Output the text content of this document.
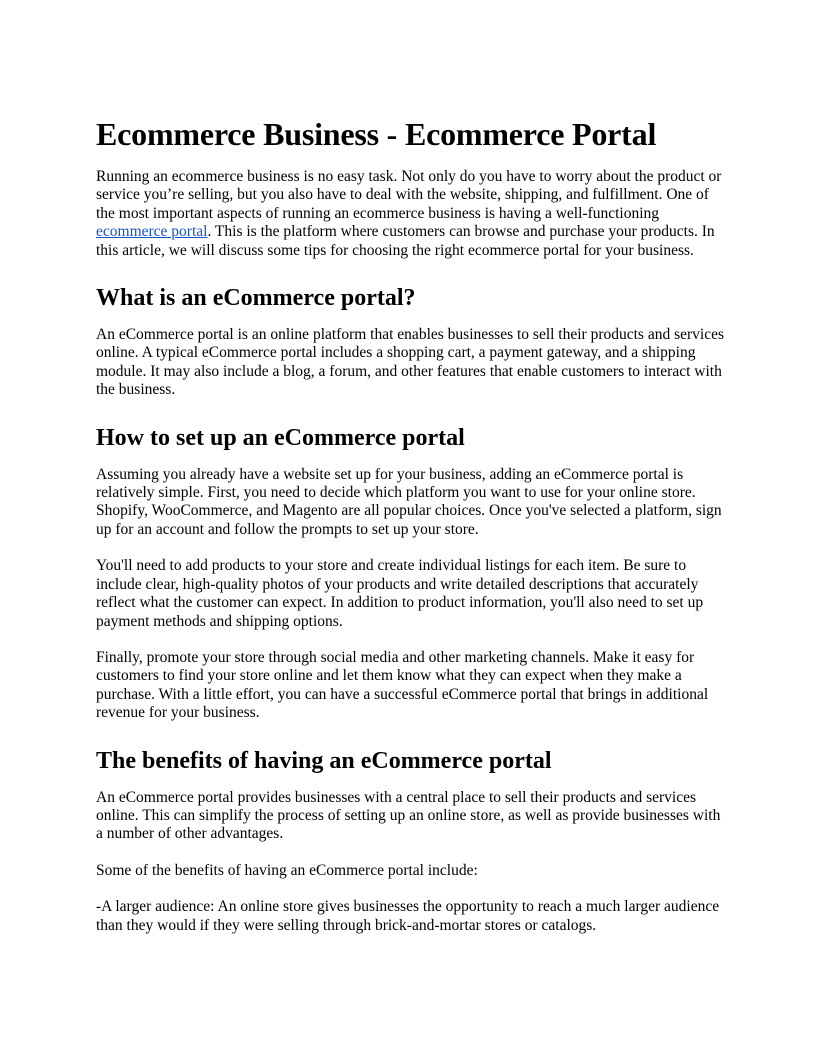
Ecommerce Business - Ecommerce Portal

Running an ecommerce business is no easy task. Not only do you have to worry about the product or service you’re selling, but you also have to deal with the website, shipping, and fulfillment. One of the most important aspects of running an ecommerce business is having a well-functioning ecommerce portal. This is the platform where customers can browse and purchase your products. In this article, we will discuss some tips for choosing the right ecommerce portal for your business.

What is an eCommerce portal?

An eCommerce portal is an online platform that enables businesses to sell their products and services online. A typical eCommerce portal includes a shopping cart, a payment gateway, and a shipping module. It may also include a blog, a forum, and other features that enable customers to interact with the business.

How to set up an eCommerce portal

Assuming you already have a website set up for your business, adding an eCommerce portal is relatively simple. First, you need to decide which platform you want to use for your online store. Shopify, WooCommerce, and Magento are all popular choices. Once you've selected a platform, sign up for an account and follow the prompts to set up your store.

You'll need to add products to your store and create individual listings for each item. Be sure to include clear, high-quality photos of your products and write detailed descriptions that accurately reflect what the customer can expect. In addition to product information, you'll also need to set up payment methods and shipping options.

Finally, promote your store through social media and other marketing channels. Make it easy for customers to find your store online and let them know what they can expect when they make a purchase. With a little effort, you can have a successful eCommerce portal that brings in additional revenue for your business.

The benefits of having an eCommerce portal

An eCommerce portal provides businesses with a central place to sell their products and services online. This can simplify the process of setting up an online store, as well as provide businesses with a number of other advantages.

Some of the benefits of having an eCommerce portal include:

-A larger audience: An online store gives businesses the opportunity to reach a much larger audience than they would if they were selling through brick-and-mortar stores or catalogs.
